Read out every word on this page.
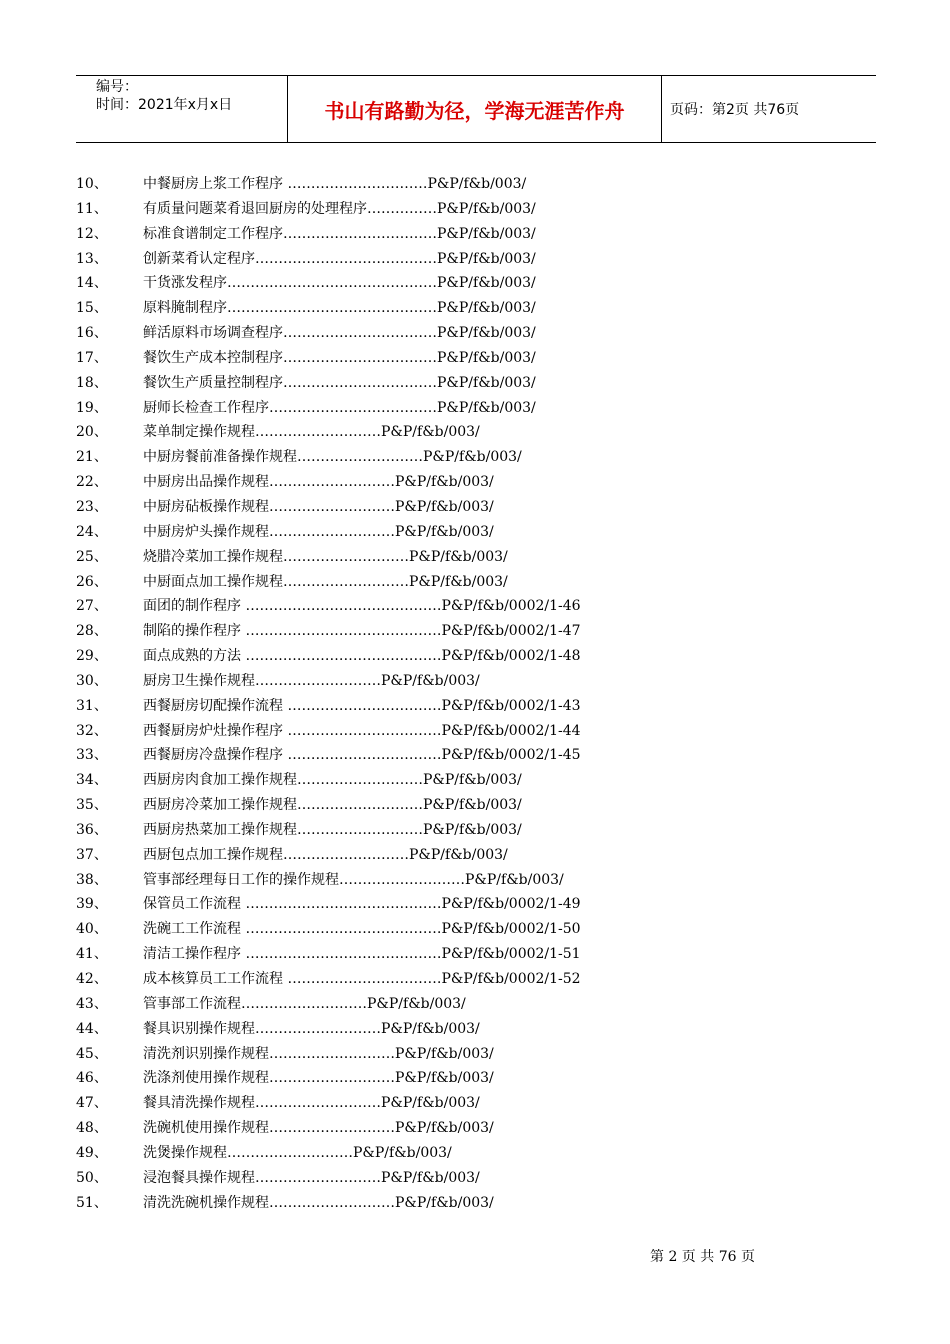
编号：
时间：2021年x月x日	书山有路勤为径，学海无涯苦作舟	页码：第2页 共76页
10、	中餐厨房上浆工作程序 …………………………P&P/f&b/003/
11、	有质量问题菜肴退回厨房的处理程序……………P&P/f&b/003/
12、	标准食谱制定工作程序……………………………P&P/f&b/003/
13、	创新菜肴认定程序…………………………………P&P/f&b/003/
14、	干货涨发程序………………………………………P&P/f&b/003/
15、	原料腌制程序………………………………………P&P/f&b/003/
16、	鲜活原料市场调查程序……………………………P&P/f&b/003/
17、	餐饮生产成本控制程序……………………………P&P/f&b/003/
18、	餐饮生产质量控制程序……………………………P&P/f&b/003/
19、	厨师长检查工作程序………………………………P&P/f&b/003/
20、	菜单制定操作规程………………………P&P/f&b/003/
21、	中厨房餐前准备操作规程………………………P&P/f&b/003/
22、	中厨房出品操作规程………………………P&P/f&b/003/
23、	中厨房砧板操作规程………………………P&P/f&b/003/
24、	中厨房炉头操作规程………………………P&P/f&b/003/
25、	烧腊冷菜加工操作规程………………………P&P/f&b/003/
26、	中厨面点加工操作规程………………………P&P/f&b/003/
27、	面团的制作程序 ……………………………………P&P/f&b/0002/1-46
28、	制陷的操作程序 ……………………………………P&P/f&b/0002/1-47
29、	面点成熟的方法 ……………………………………P&P/f&b/0002/1-48
30、	厨房卫生操作规程………………………P&P/f&b/003/
31、	西餐厨房切配操作流程 ……………………………P&P/f&b/0002/1-43
32、	西餐厨房炉灶操作程序 ……………………………P&P/f&b/0002/1-44
33、	西餐厨房冷盘操作程序 ……………………………P&P/f&b/0002/1-45
34、	西厨房肉食加工操作规程………………………P&P/f&b/003/
35、	西厨房冷菜加工操作规程………………………P&P/f&b/003/
36、	西厨房热菜加工操作规程………………………P&P/f&b/003/
37、	西厨包点加工操作规程………………………P&P/f&b/003/
38、	管事部经理每日工作的操作规程………………………P&P/f&b/003/
39、	保管员工作流程 ……………………………………P&P/f&b/0002/1-49
40、	洗碗工工作流程 ……………………………………P&P/f&b/0002/1-50
41、	清洁工操作程序 ……………………………………P&P/f&b/0002/1-51
42、	成本核算员工工作流程 ……………………………P&P/f&b/0002/1-52
43、	管事部工作流程………………………P&P/f&b/003/
44、	餐具识别操作规程………………………P&P/f&b/003/
45、	清洗剂识别操作规程………………………P&P/f&b/003/
46、	洗涤剂使用操作规程………………………P&P/f&b/003/
47、	餐具清洗操作规程………………………P&P/f&b/003/
48、	洗碗机使用操作规程………………………P&P/f&b/003/
49、	洗煲操作规程………………………P&P/f&b/003/
50、	浸泡餐具操作规程………………………P&P/f&b/003/
51、	清洗洗碗机操作规程………………………P&P/f&b/003/
第 2 页 共 76 页
